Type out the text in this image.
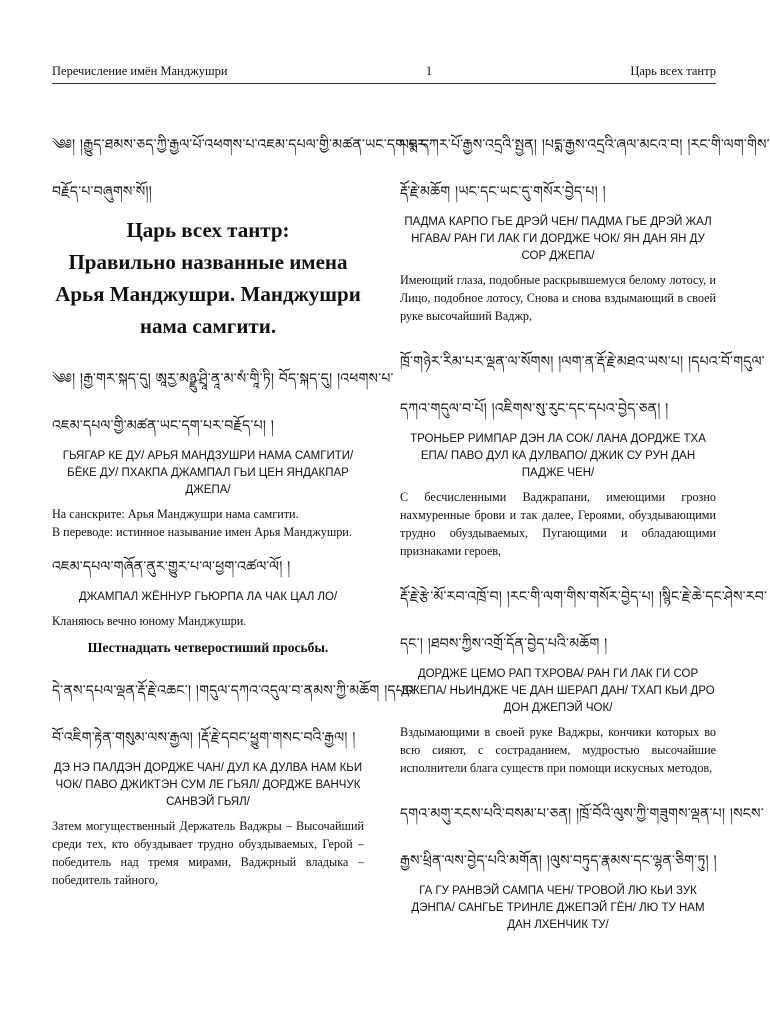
Перечисление имён Манджушри	1	Царь всех тантр

༄༅། །རྒྱུད་ཐམས་ཅད་ཀྱི་རྒྱལ་པོ་འཕགས་པ་འཇམ་དཔལ་གྱི་མཚན་ཡང་དག་པར་

བརྗོད་པ་བཞུགས་སོ།།

Царь всех тантр:
Правильно названные имена Арья Манджушри. Манджушри нама самгити.

༄༅། །རྒྱ་གར་སྐད་དུ། ཨཱརྱ་མཉྫུ་ཤྲཱི་ནཱ་མ་སཾ་གཱི་ཏི། བོད་སྐད་དུ། །འཕགས་པ་

འཇམ་དཔལ་གྱི་མཚན་ཡང་དག་པར་བརྗོད་པ། །

ГЬЯГАР КЕ ДУ/ АРЬЯ МАНДЗУШРИ НАМА САМГИТИ/ БЁКЕ ДУ/ ПХАКПА ДЖАМПАЛ ГЬИ ЦЕН ЯНДАКПАР ДЖЕПА/

На санскрите: Арья Манджушри нама самгити.

В переводе: истинное называние имен Арья Манджушри.

འཇམ་དཔལ་གཞོན་ནུར་གྱུར་པ་ལ་ཕྱག་འཚལ་ལོ། །

ДЖАМПАЛ ЖЁННУР ГЬЮРПА ЛА ЧАК ЦАЛ ЛО/

Кланяюсь вечно юному Манджушри.

Шестнадцать четверостиший просьбы.

དེ་ནས་དཔལ་ལྡན་རྡོ་རྗེ་འཆང་། །གདུལ་དཀའ་འདུལ་བ་ནམས་ཀྱི་མཆོག །དཔའ་

བོ་འཇིག་རྟེན་གསུམ་ལས་རྒྱལ། །རྡོ་རྗེ་དབང་ཕྱུག་གསང་བའི་རྒྱལ། །

ДЭ НЭ ПАЛДЭН ДОРДЖЕ ЧАН/ ДУЛ КА ДУЛВА НАМ КЬИ ЧОК/ ПАВО ДЖИКТЭН СУМ ЛЕ ГЬЯЛ/ ДОРДЖЕ ВАНЧУК САНВЭЙ ГЬЯЛ/

Затем могущественный Держатель Ваджры – Высочайший среди тех, кто обуздывает трудно обуздываемых, Герой – победитель над тремя мирами, Ваджрный владыка – победитель тайного,

པདྨ་དཀར་པོ་རྒྱས་འདྲའི་སྤྱན། །པདྨ་རྒྱས་འདྲའི་ཞལ་མངའ་བ། །རང་གི་ལག་གིས་

རྡོ་རྗེ་མཆོག །ཡང་དང་ཡང་དུ་གསོར་བྱེད་པ། །

ПАДМА КАРПО ГЬЕ ДРЭЙ ЧЕН/ ПАДМА ГЬЕ ДРЭЙ ЖАЛ НГАВА/ РАН ГИ ЛАК ГИ ДОРДЖЕ ЧОК/ ЯН ДАН ЯН ДУ СОР ДЖЕПА/

Имеющий глаза, подобные раскрывшемуся белому лотосу, и Лицо, подобное лотосу, Снова и снова вздымающий в своей руке высочайший Ваджр,

ཁྲོ་གཉེར་རིམ་པར་ལྡན་ལ་སོགས། །ལག་ན་རྡོ་རྗེ་མཐའ་ཡས་པ། །དཔའ་བོ་གདུལ་

དཀའ་གདུལ་བ་པོ། །འཇིགས་སུ་རུང་དང་དཔའ་བྱེད་ཅན། །

ТРОНЬЕР РИМПАР ДЭН ЛА СОК/ ЛАНА ДОРДЖЕ ТХА ЕПА/ ПАВО ДУЛ КА ДУЛВАПО/ ДЖИК СУ РУН ДАН ПАДЖЕ ЧЕН/

С бесчисленными Ваджрапани, имеющими грозно нахмуренные брови и так далее, Героями, обуздывающими трудно обуздываемых, Пугающими и обладающими признаками героев,

རྡོ་རྗེ་རྩེ་མོ་རབ་འཁྲོ་བ། །རང་གི་ལག་གིས་གསོར་བྱེད་པ། །སྙིང་རྗེ་ཆེ་དང་ཤེས་རབ་

དང་། །ཐབས་ཀྱིས་འགྲོ་དོན་བྱེད་པའི་མཆོག །

ДОРДЖЕ ЦЕМО РАП ТХРОВА/ РАН ГИ ЛАК ГИ СОР ДЖЕПА/ НЬИНДЖЕ ЧЕ ДАН ШЕРАП ДАН/ ТХАП КЬИ ДРО ДОН ДЖЕПЭЙ ЧОК/

Вздымающими в своей руке Ваджры, кончики которых во всю сияют, с состраданием, мудростью высочайшие исполнители блага существ при помощи искусных методов,

དགའ་མགུ་རངས་པའི་བསམ་པ་ཅན། །ཁྲོ་བོའི་ལུས་ཀྱི་གཟུགས་ལྡན་པ། །སངས་

རྒྱས་ཕྲིན་ལས་བྱེད་པའི་མགོན། །ལུས་བཏུད་རྣམས་དང་ལྷན་ཅིག་ཏུ། །

ГА ГУ РАНВЭЙ САМПА ЧЕН/ ТРОВОЙ ЛЮ КЬИ ЗУК ДЭНПА/ САНГЬЕ ТРИНЛЕ ДЖЕПЭЙ ГЁН/ ЛЮ ТУ НАМ ДАН ЛХЕНЧИК ТУ/
